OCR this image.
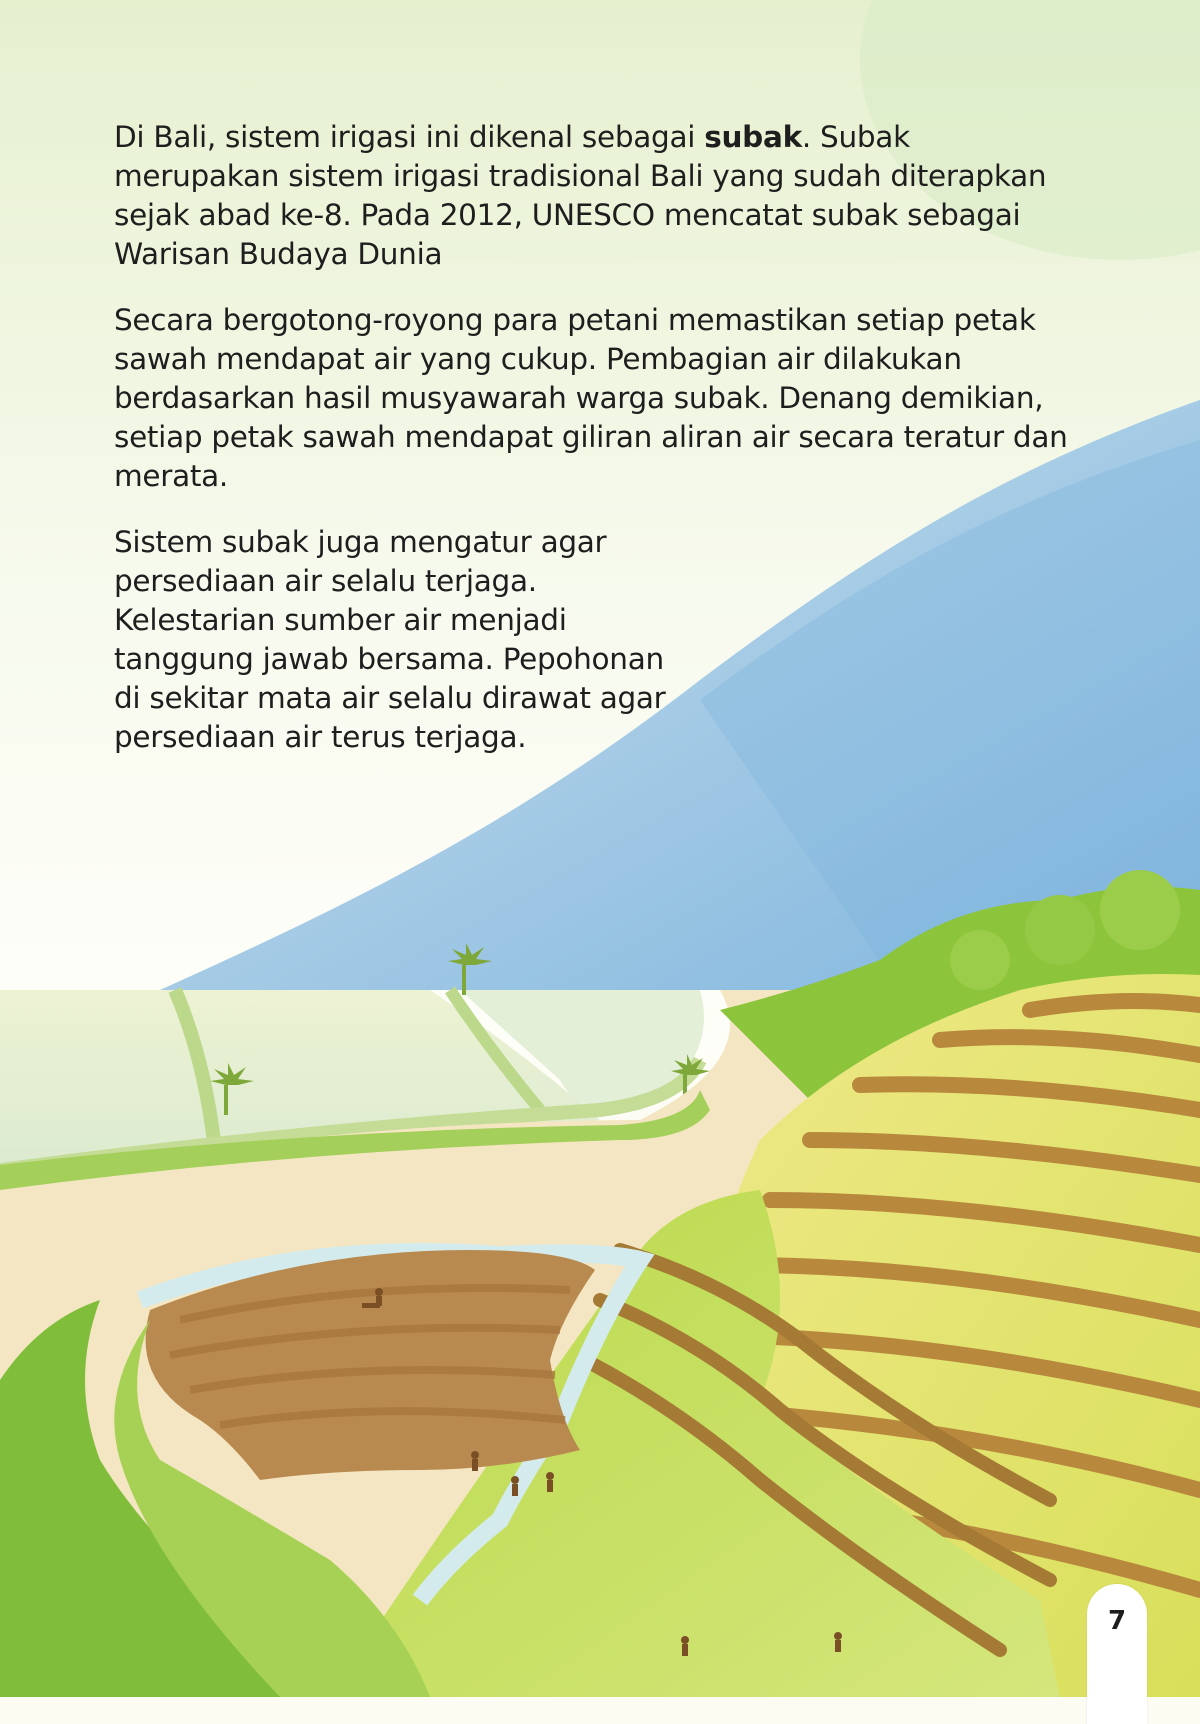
Di Bali, sistem irigasi ini dikenal sebagai subak. Subak merupakan sistem irigasi tradisional Bali yang sudah diterapkan sejak abad ke-8. Pada 2012, UNESCO mencatat subak sebagai Warisan Budaya Dunia

Secara bergotong-royong para petani memastikan setiap petak sawah mendapat air yang cukup. Pembagian air dilakukan berdasarkan hasil musyawarah warga subak. Denang demikian, setiap petak sawah mendapat giliran aliran air secara teratur dan merata.

Sistem subak juga mengatur agar persediaan air selalu terjaga. Kelestarian sumber air menjadi tanggung jawab bersama. Pepohonan di sekitar mata air selalu dirawat agar persediaan air terus terjaga.

7
